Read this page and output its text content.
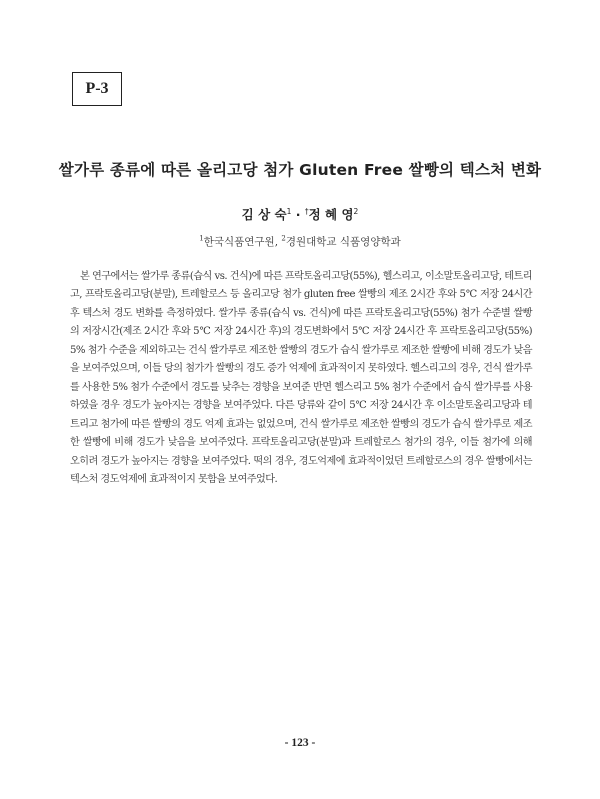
P-3
쌀가루 종류에 따른 올리고당 첨가 Gluten Free 쌀빵의 텍스처 변화
김 상 숙$^1$ · †정 혜 영$^2$
$^1$한국식품연구원, $^2$경원대학교 식품영양학과
본 연구에서는 쌀가루 종류(습식 vs. 건식)에 따른 프락토올리고당(55%), 헬스리고, 이소말토올리고당, 테트리고, 프락토올리고당(분말), 트레할로스 등 올리고당 첨가 gluten free 쌀빵의 제조 2시간 후와 5℃ 저장 24시간 후 텍스처 경도 변화를 측정하였다. 쌀가루 종류(습식 vs. 건식)에 따른 프락토올리고당(55%) 첨가 수준별 쌀빵의 저장시간(제조 2시간 후와 5℃ 저장 24시간 후)의 경도변화에서 5℃ 저장 24시간 후 프락토올리고당(55%) 5% 첨가 수준을 제외하고는 건식 쌀가루로 제조한 쌀빵의 경도가 습식 쌀가루로 제조한 쌀빵에 비해 경도가 낮음을 보여주었으며, 이들 당의 첨가가 쌀빵의 경도 증가 억제에 효과적이지 못하였다. 헬스리고의 경우, 건식 쌀가루를 사용한 5% 첨가 수준에서 경도를 낮추는 경향을 보여준 반면 헬스리고 5% 첨가 수준에서 습식 쌀가루를 사용하였을 경우 경도가 높아지는 경향을 보여주었다. 다른 당류와 같이 5℃ 저장 24시간 후 이소말토올리고당과 테트리고 첨가에 따른 쌀빵의 경도 억제 효과는 없었으며, 건식 쌀가루로 제조한 쌀빵의 경도가 습식 쌀가루로 제조한 쌀빵에 비해 경도가 낮음을 보여주었다. 프락토올리고당(분말)과 트레할로스 첨가의 경우, 이들 첨가에 의해 오히려 경도가 높아지는 경향을 보여주었다. 떡의 경우, 경도억제에 효과적이었던 트레할로스의 경우 쌀빵에서는 텍스처 경도억제에 효과적이지 못함을 보여주었다.
- 123 -
